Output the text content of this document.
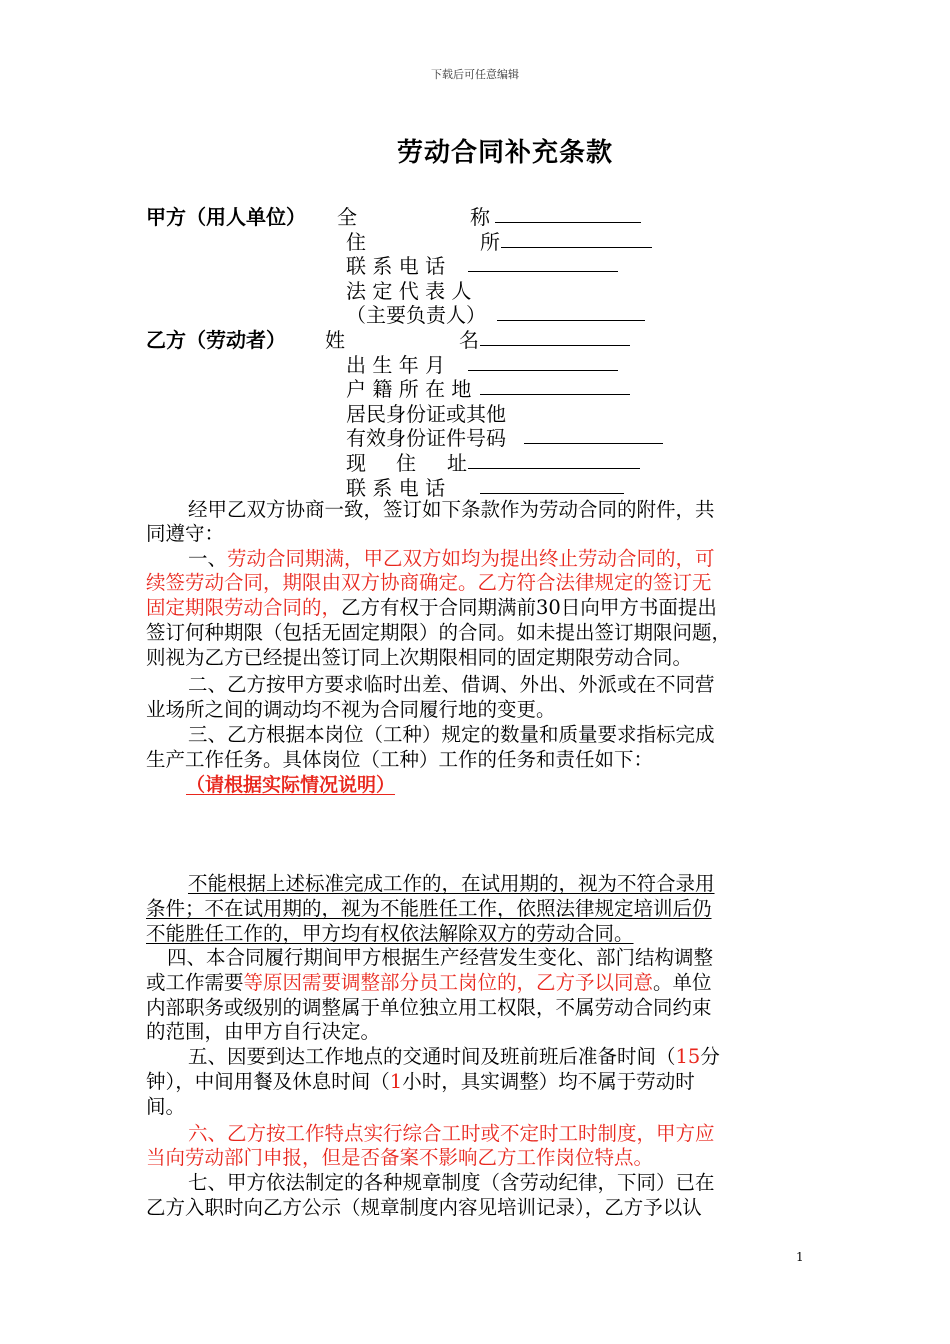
下载后可任意编辑
劳动合同补充条款
甲方（用人单位） 全	称
住	所
联 系 电 话
法 定 代 表 人
（主要负责人）
乙方（劳动者） 姓	名
出 生 年 月
户 籍 所 在 地
居民身份证或其他
有效身份证件号码
现 住 址
联 系 电 话
经甲乙双方协商一致，签订如下条款作为劳动合同的附件，共
同遵守：
一、劳动合同期满，甲乙双方如均为提出终止劳动合同的，可
续签劳动合同，期限由双方协商确定。乙方符合法律规定的签订无
固定期限劳动合同的，乙方有权于合同期满前30日向甲方书面提出
签订何种期限（包括无固定期限）的合同。如未提出签订期限问题，
则视为乙方已经提出签订同上次期限相同的固定期限劳动合同。
二、乙方按甲方要求临时出差、借调、外出、外派或在不同营
业场所之间的调动均不视为合同履行地的变更。
三、乙方根据本岗位（工种）规定的数量和质量要求指标完成
生产工作任务。具体岗位（工种）工作的任务和责任如下：
（请根据实际情况说明）
不能根据上述标准完成工作的，在试用期的，视为不符合录用
条件；不在试用期的，视为不能胜任工作，依照法律规定培训后仍
不能胜任工作的，甲方均有权依法解除双方的劳动合同。
四、本合同履行期间甲方根据生产经营发生变化、部门结构调整
或工作需要等原因需要调整部分员工岗位的，乙方予以同意。单位
内部职务或级别的调整属于单位独立用工权限，不属劳动合同约束
的范围，由甲方自行决定。
五、因要到达工作地点的交通时间及班前班后准备时间（15分
钟），中间用餐及休息时间（1小时，具实调整）均不属于劳动时
间。
六、乙方按工作特点实行综合工时或不定时工时制度，甲方应
当向劳动部门申报，但是否备案不影响乙方工作岗位特点。
七、甲方依法制定的各种规章制度（含劳动纪律，下同）已在
乙方入职时向乙方公示（规章制度内容见培训记录），乙方予以认
1
